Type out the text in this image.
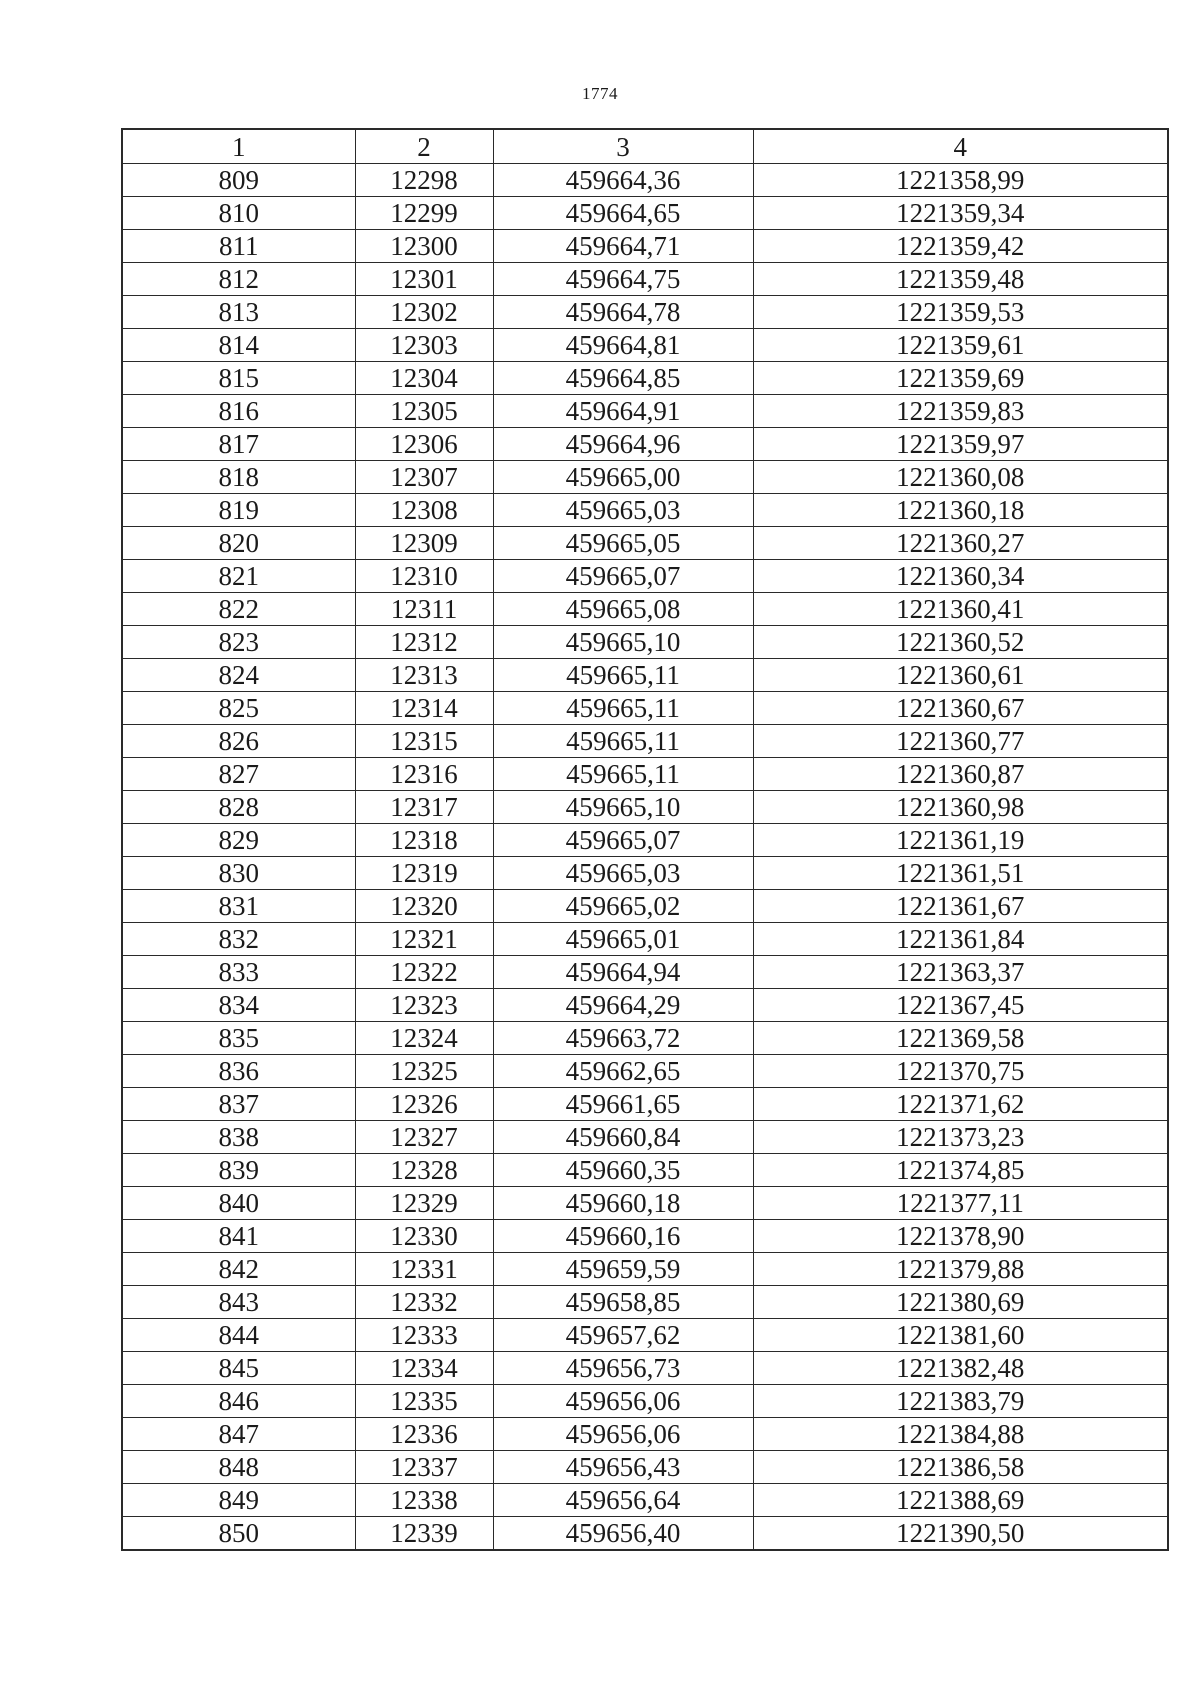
1774
1	2	3	4
809	12298	459664,36	1221358,99
810	12299	459664,65	1221359,34
811	12300	459664,71	1221359,42
812	12301	459664,75	1221359,48
813	12302	459664,78	1221359,53
814	12303	459664,81	1221359,61
815	12304	459664,85	1221359,69
816	12305	459664,91	1221359,83
817	12306	459664,96	1221359,97
818	12307	459665,00	1221360,08
819	12308	459665,03	1221360,18
820	12309	459665,05	1221360,27
821	12310	459665,07	1221360,34
822	12311	459665,08	1221360,41
823	12312	459665,10	1221360,52
824	12313	459665,11	1221360,61
825	12314	459665,11	1221360,67
826	12315	459665,11	1221360,77
827	12316	459665,11	1221360,87
828	12317	459665,10	1221360,98
829	12318	459665,07	1221361,19
830	12319	459665,03	1221361,51
831	12320	459665,02	1221361,67
832	12321	459665,01	1221361,84
833	12322	459664,94	1221363,37
834	12323	459664,29	1221367,45
835	12324	459663,72	1221369,58
836	12325	459662,65	1221370,75
837	12326	459661,65	1221371,62
838	12327	459660,84	1221373,23
839	12328	459660,35	1221374,85
840	12329	459660,18	1221377,11
841	12330	459660,16	1221378,90
842	12331	459659,59	1221379,88
843	12332	459658,85	1221380,69
844	12333	459657,62	1221381,60
845	12334	459656,73	1221382,48
846	12335	459656,06	1221383,79
847	12336	459656,06	1221384,88
848	12337	459656,43	1221386,58
849	12338	459656,64	1221388,69
850	12339	459656,40	1221390,50
